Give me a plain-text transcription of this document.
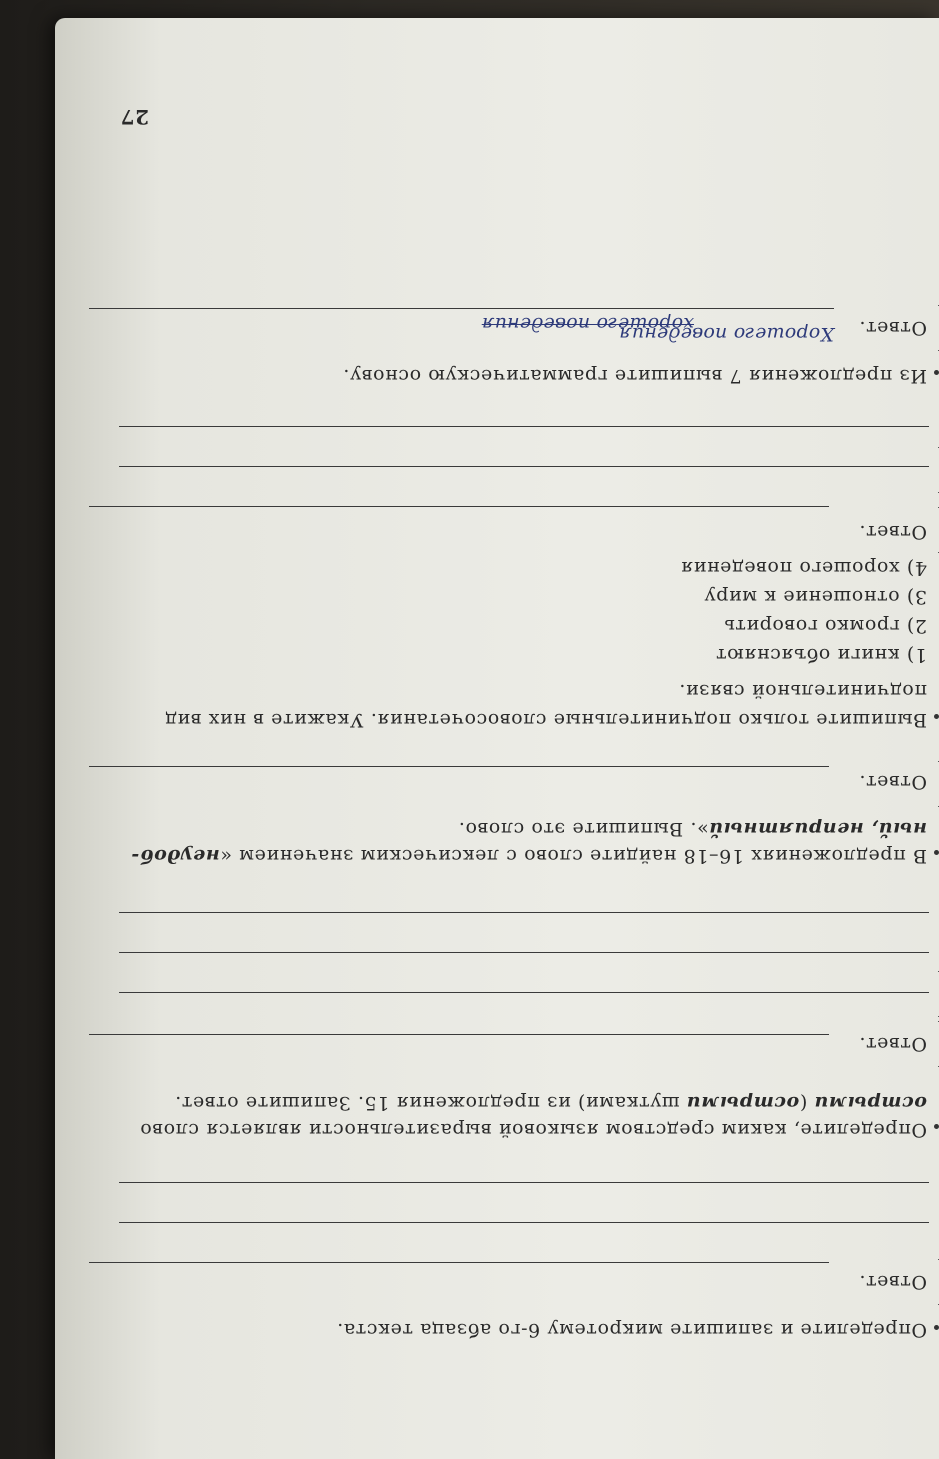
Определите и запишите микротему 6-го абзаца текста.
Ответ.
Определите, каким средством языковой выразительности является слово
острыми (острыми шутками) из предложения 15. Запишите ответ.
Ответ.
В предложениях 16–18 найдите слово с лексическим значением «неудоб-
ный, неприятный». Выпишите это слово.
Ответ.
Выпишите только подчинительные словосочетания. Укажите в них вид
подчинительной связи.
1) книги объясняют
2) громко говорить
3) отношение к миру
4) хорошего поведения
Ответ.
Из предложения 7 выпишите грамматическую основу.
Ответ.
Хорошего поведения
хорошего поведения
27
